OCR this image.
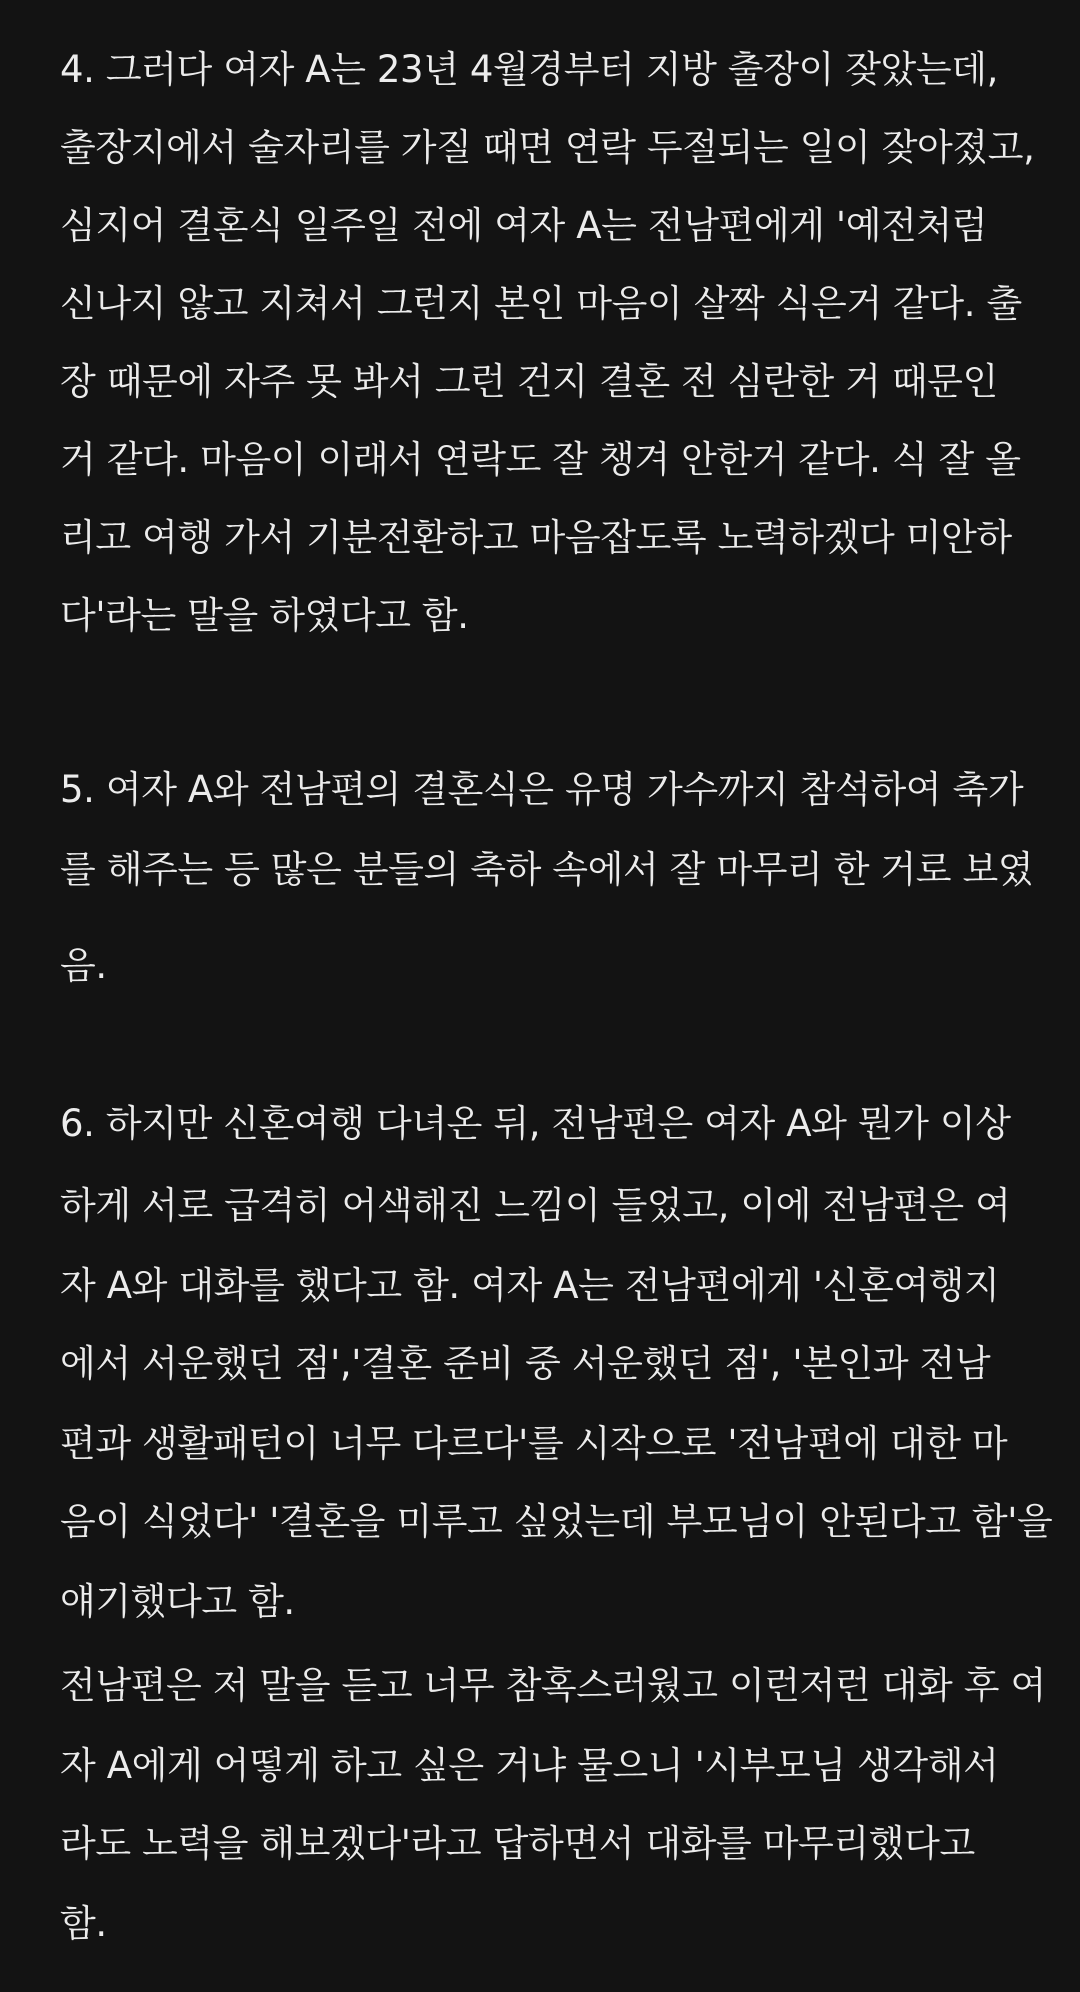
4. 그러다 여자 A는 23년 4월경부터 지방 출장이 잦았는데,
출장지에서 술자리를 가질 때면 연락 두절되는 일이 잦아졌고,
심지어 결혼식 일주일 전에 여자 A는 전남편에게 '예전처럼
신나지 않고 지쳐서 그런지 본인 마음이 살짝 식은거 같다. 출
장 때문에 자주 못 봐서 그런 건지 결혼 전 심란한 거 때문인
거 같다. 마음이 이래서 연락도 잘 챙겨 안한거 같다. 식 잘 올
리고 여행 가서 기분전환하고 마음잡도록 노력하겠다 미안하
다'라는 말을 하였다고 함.
5. 여자 A와 전남편의 결혼식은 유명 가수까지 참석하여 축가
를 해주는 등 많은 분들의 축하 속에서 잘 마무리 한 거로 보였
음.
6. 하지만 신혼여행 다녀온 뒤, 전남편은 여자 A와 뭔가 이상
하게 서로 급격히 어색해진 느낌이 들었고, 이에 전남편은 여
자 A와 대화를 했다고 함. 여자 A는 전남편에게 '신혼여행지
에서 서운했던 점','결혼 준비 중 서운했던 점', '본인과 전남
편과 생활패턴이 너무 다르다'를 시작으로 '전남편에 대한 마
음이 식었다' '결혼을 미루고 싶었는데 부모님이 안된다고 함'을
얘기했다고 함.
전남편은 저 말을 듣고 너무 참혹스러웠고 이런저런 대화 후 여
자 A에게 어떻게 하고 싶은 거냐 물으니 '시부모님 생각해서
라도 노력을 해보겠다'라고 답하면서 대화를 마무리했다고
함.
